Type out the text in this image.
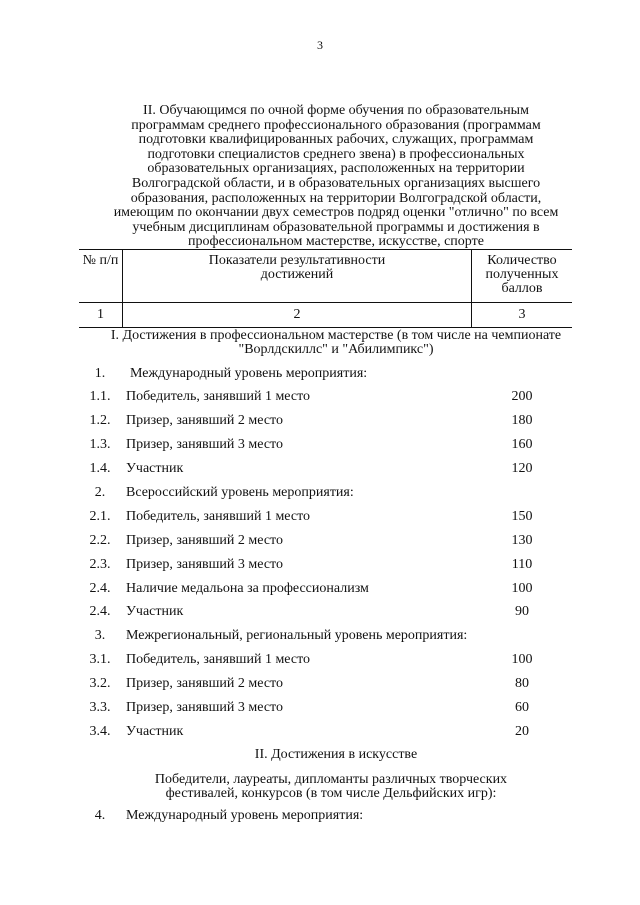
3
II. Обучающимся по очной форме обучения по образовательным программам среднего профессионального образования (программам подготовки квалифицированных рабочих, служащих, программам подготовки специалистов среднего звена) в профессиональных образовательных организациях, расположенных на территории Волгоградской области, и в образовательных организациях высшего образования, расположенных на территории Волгоградской области, имеющим по окончании двух семестров подряд оценки "отлично" по всем учебным дисциплинам образовательной программы и достижения в профессиональном мастерстве, искусстве, спорте
№ п/п	Показатели результативности достижений	Количество полученных баллов

1	2	3
I. Достижения в профессиональном мастерстве (в том числе на чемпионате "Ворлдскиллс" и "Абилимпикс")
1.	Международный уровень мероприятия:
1.1.	Победитель, занявший 1 место	200
1.2.	Призер, занявший 2 место	180
1.3.	Призер, занявший 3 место	160
1.4.	Участник	120
2.	Всероссийский уровень мероприятия:
2.1.	Победитель, занявший 1 место	150
2.2.	Призер, занявший 2 место	130
2.3.	Призер, занявший 3 место	110
2.4.	Наличие медальона за профессионализм	100
2.4.	Участник	90
3.	Межрегиональный, региональный уровень мероприятия:
3.1.	Победитель, занявший 1 место	100
3.2.	Призер, занявший 2 место	80
3.3.	Призер, занявший 3 место	60
3.4.	Участник	20
II. Достижения в искусстве
Победители, лауреаты, дипломанты различных творческих фестивалей, конкурсов (в том числе Дельфийских игр):
4.	Международный уровень мероприятия:
